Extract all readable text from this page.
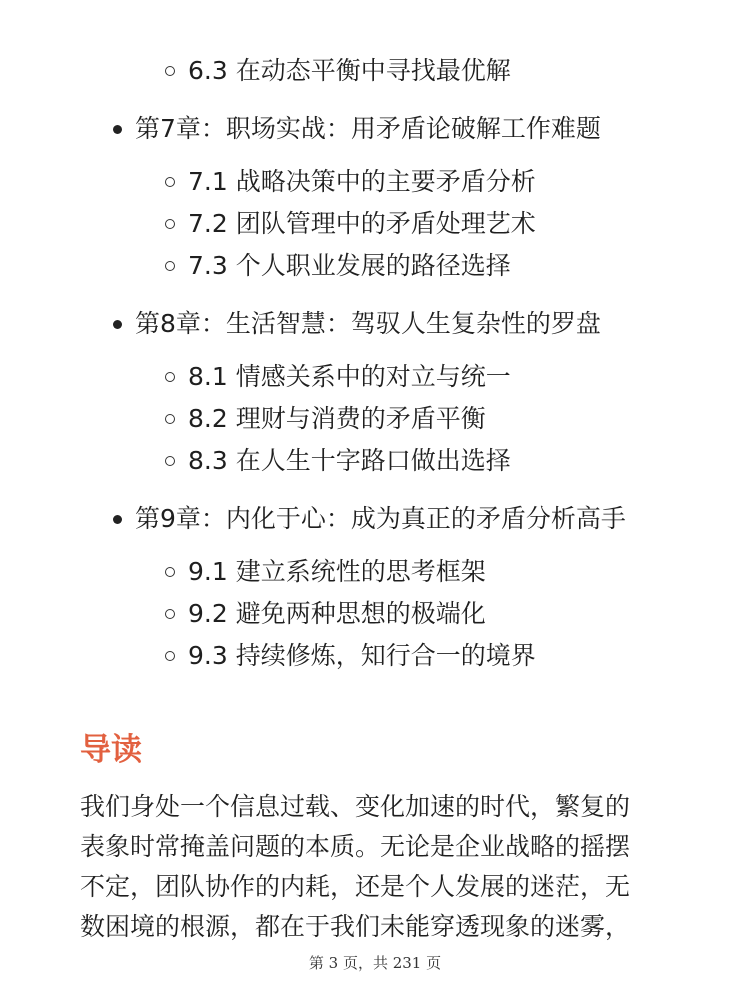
6.3 在动态平衡中寻找最优解
第7章：职场实战：用矛盾论破解工作难题
7.1 战略决策中的主要矛盾分析
7.2 团队管理中的矛盾处理艺术
7.3 个人职业发展的路径选择
第8章：生活智慧：驾驭人生复杂性的罗盘
8.1 情感关系中的对立与统一
8.2 理财与消费的矛盾平衡
8.3 在人生十字路口做出选择
第9章：内化于心：成为真正的矛盾分析高手
9.1 建立系统性的思考框架
9.2 避免两种思想的极端化
9.3 持续修炼，知行合一的境界
导读
我们身处一个信息过载、变化加速的时代，繁复的
表象时常掩盖问题的本质。无论是企业战略的摇摆
不定，团队协作的内耗，还是个人发展的迷茫，无
数困境的根源，都在于我们未能穿透现象的迷雾，
第 3 页，共 231 页
